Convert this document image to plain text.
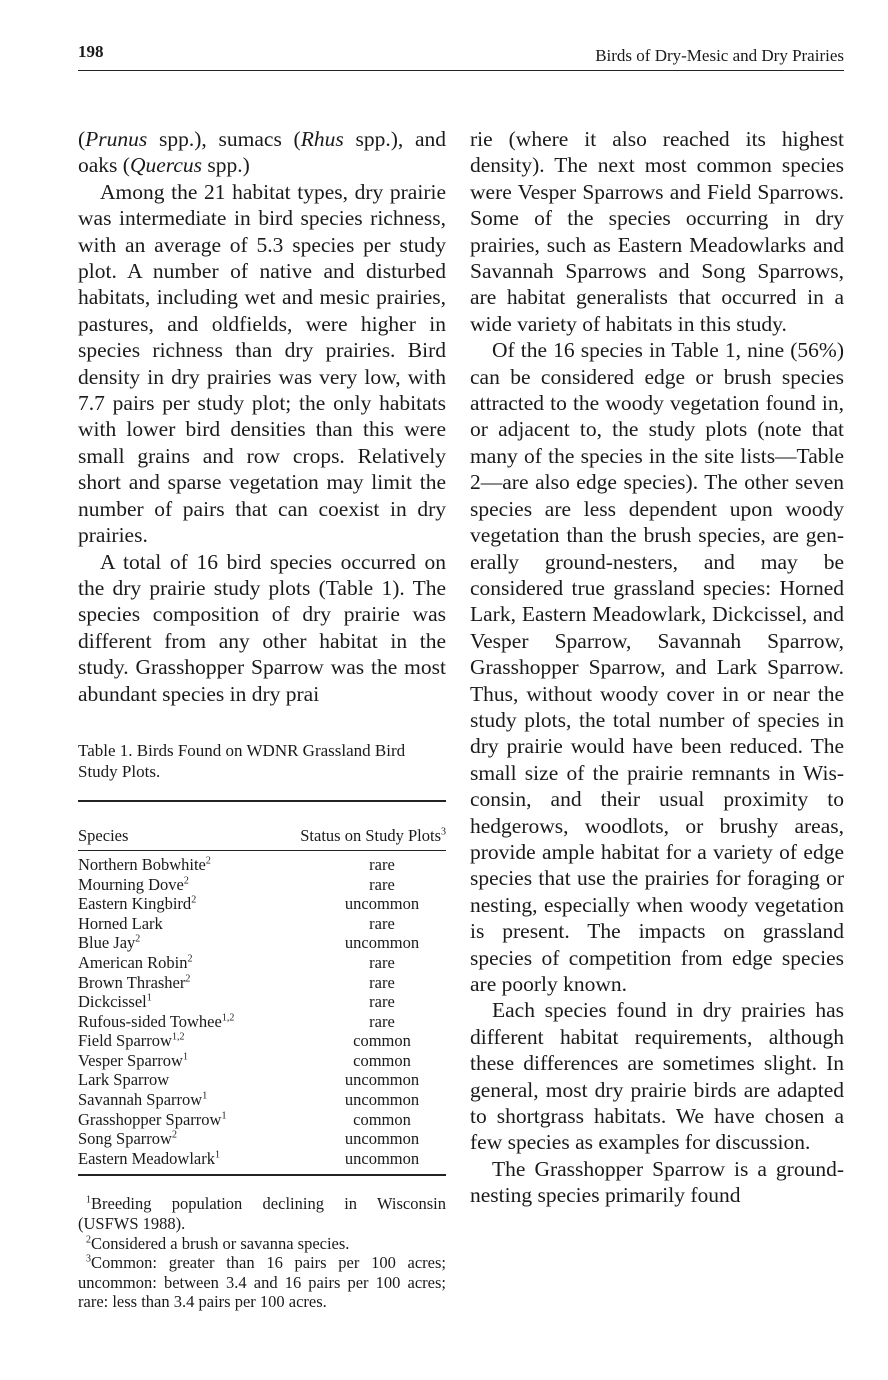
198	Birds of Dry-Mesic and Dry Prairies

(Prunus spp.), sumacs (Rhus spp.), and oaks (Quercus spp.)

Among the 21 habitat types, dry prairie was intermediate in bird species richness, with an average of 5.3 species per study plot. A number of native and disturbed habitats, including wet and mesic prairies, pastures, and oldfields, were higher in species richness than dry prairies. Bird density in dry prairies was very low, with 7.7 pairs per study plot; the only habitats with lower bird densities than this were small grains and row crops. Relatively short and sparse vegetation may limit the number of pairs that can coexist in dry prairies.

A total of 16 bird species occurred on the dry prairie study plots (Table 1). The species composition of dry prairie was different from any other habitat in the study. Grasshopper Sparrow was the most abundant species in dry prai

Table 1. Birds Found on WDNR Grassland Bird Study Plots.
Species	Status on Study Plots$^3$
Northern Bobwhite$^2$	rare
Mourning Dove$^2$	rare
Eastern Kingbird$^2$	uncommon
Horned Lark	rare
Blue Jay$^2$	uncommon
American Robin$^2$	rare
Brown Thrasher$^2$	rare
Dickcissel$^1$	rare
Rufous-sided Towhee$^{1,2}$	rare
Field Sparrow$^{1,2}$	common
Vesper Sparrow$^1$	common
Lark Sparrow	uncommon
Savannah Sparrow$^1$	uncommon
Grasshopper Sparrow$^1$	common
Song Sparrow$^2$	uncommon
Eastern Meadowlark$^1$	uncommon

$^1$Breeding population declining in Wisconsin (USFWS 1988).

$^2$Considered a brush or savanna species.

$^3$Common: greater than 16 pairs per 100 acres; uncommon: between 3.4 and 16 pairs per 100 acres; rare: less than 3.4 pairs per 100 acres.

rie (where it also reached its highest density). The next most common species were Vesper Sparrows and Field Sparrows. Some of the species occurring in dry prairies, such as Eastern Meadowlarks and Savannah Sparrows and Song Sparrows, are habitat generalists that occurred in a wide variety of habitats in this study.

Of the 16 species in Table 1, nine (56%) can be considered edge or brush species attracted to the woody vegetation found in, or adjacent to, the study plots (note that many of the species in the site lists—Table 2—are also edge species). The other seven species are less dependent upon woody vegetation than the brush species, are generally ground-nesters, and may be considered true grassland species: Horned Lark, Eastern Meadowlark, Dickcissel, and Vesper Sparrow, Savannah Sparrow, Grasshopper Sparrow, and Lark Sparrow. Thus, without woody cover in or near the study plots, the total number of species in dry prairie would have been reduced. The small size of the prairie remnants in Wisconsin, and their usual proximity to hedgerows, woodlots, or brushy areas, provide ample habitat for a variety of edge species that use the prairies for foraging or nesting, especially when woody vegetation is present. The impacts on grassland species of competition from edge species are poorly known.

Each species found in dry prairies has different habitat requirements, although these differences are sometimes slight. In general, most dry prairie birds are adapted to shortgrass habitats. We have chosen a few species as examples for discussion.

The Grasshopper Sparrow is a ground-nesting species primarily found
